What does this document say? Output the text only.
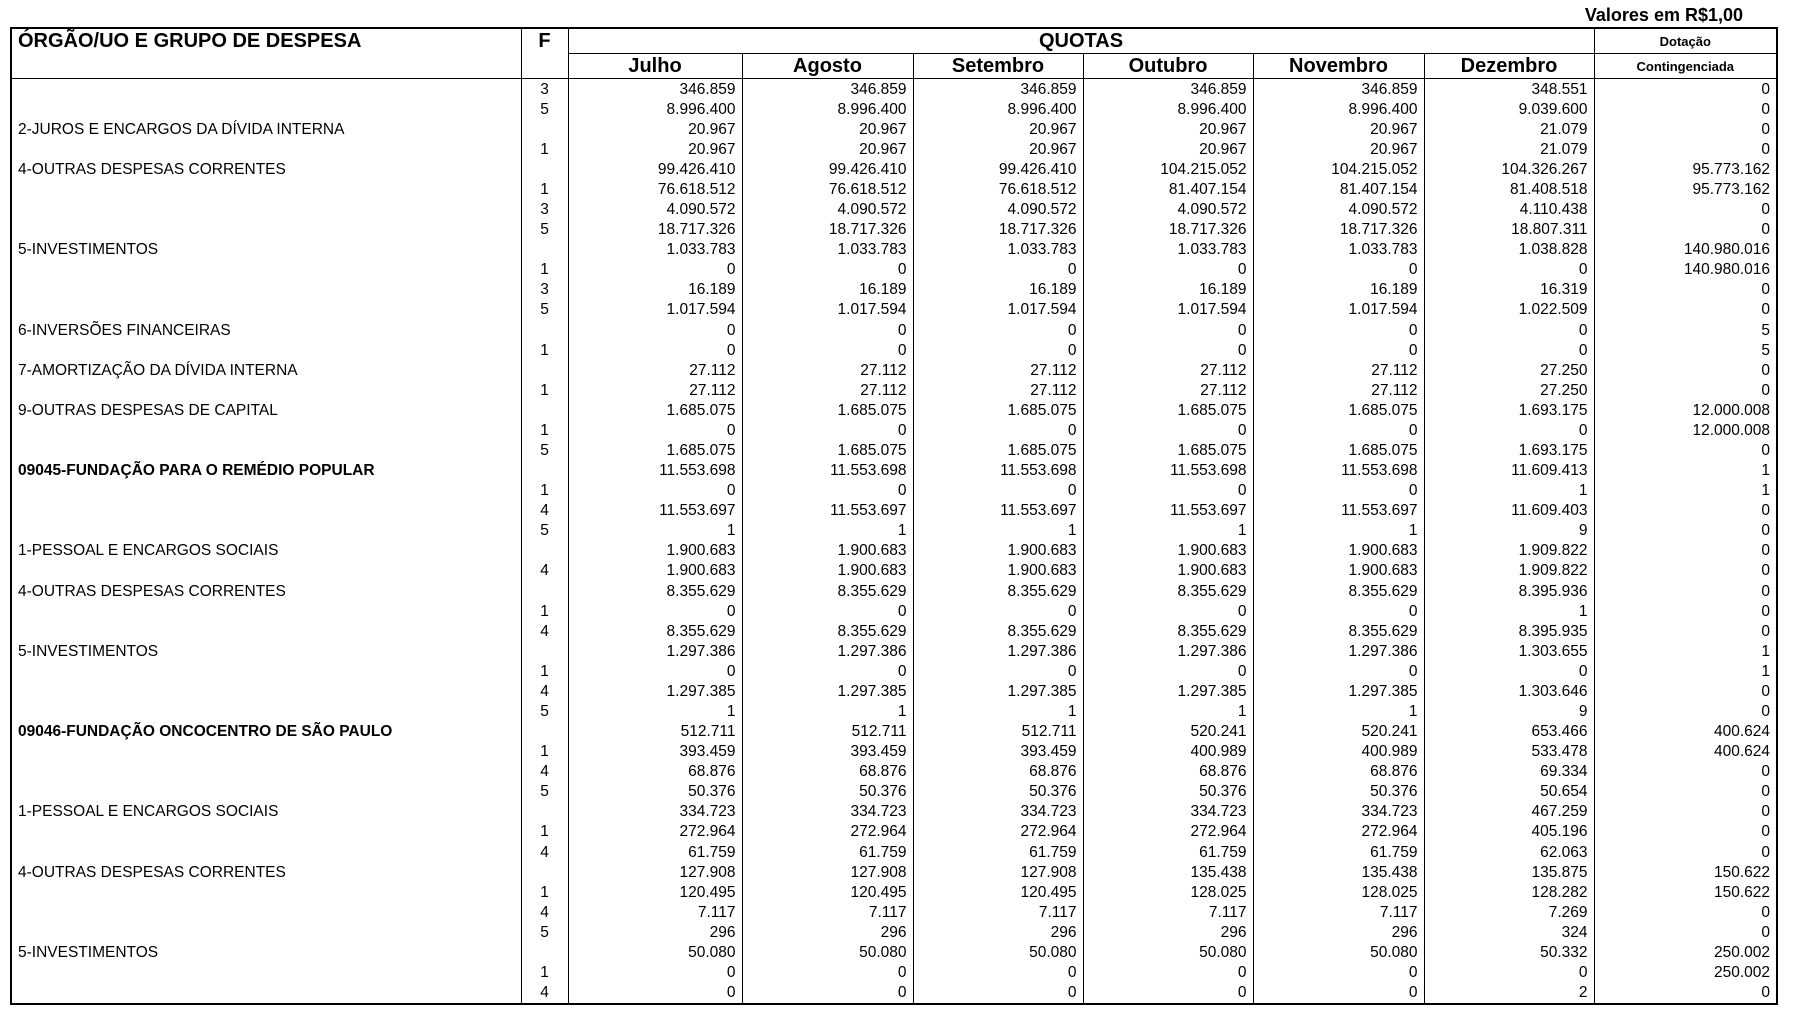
Valores em R$1,00
ÓRGÃO/UO E GRUPO DE DESPESA	F	QUOTAS						Dotação
		Julho	Agosto	Setembro	Outubro	Novembro	Dezembro	Contingenciada
	3	346.859	346.859	346.859	346.859	346.859	348.551	0
	5	8.996.400	8.996.400	8.996.400	8.996.400	8.996.400	9.039.600	0
2-JUROS E ENCARGOS DA DÍVIDA INTERNA		20.967	20.967	20.967	20.967	20.967	21.079	0
	1	20.967	20.967	20.967	20.967	20.967	21.079	0
4-OUTRAS DESPESAS CORRENTES		99.426.410	99.426.410	99.426.410	104.215.052	104.215.052	104.326.267	95.773.162
	1	76.618.512	76.618.512	76.618.512	81.407.154	81.407.154	81.408.518	95.773.162
	3	4.090.572	4.090.572	4.090.572	4.090.572	4.090.572	4.110.438	0
	5	18.717.326	18.717.326	18.717.326	18.717.326	18.717.326	18.807.311	0
5-INVESTIMENTOS		1.033.783	1.033.783	1.033.783	1.033.783	1.033.783	1.038.828	140.980.016
	1	0	0	0	0	0	0	140.980.016
	3	16.189	16.189	16.189	16.189	16.189	16.319	0
	5	1.017.594	1.017.594	1.017.594	1.017.594	1.017.594	1.022.509	0
6-INVERSÕES FINANCEIRAS		0	0	0	0	0	0	5
	1	0	0	0	0	0	0	5
7-AMORTIZAÇÃO DA DÍVIDA INTERNA		27.112	27.112	27.112	27.112	27.112	27.250	0
	1	27.112	27.112	27.112	27.112	27.112	27.250	0
9-OUTRAS DESPESAS DE CAPITAL		1.685.075	1.685.075	1.685.075	1.685.075	1.685.075	1.693.175	12.000.008
	1	0	0	0	0	0	0	12.000.008
	5	1.685.075	1.685.075	1.685.075	1.685.075	1.685.075	1.693.175	0
09045-FUNDAÇÃO PARA O REMÉDIO POPULAR		11.553.698	11.553.698	11.553.698	11.553.698	11.553.698	11.609.413	1
	1	0	0	0	0	0	1	1
	4	11.553.697	11.553.697	11.553.697	11.553.697	11.553.697	11.609.403	0
	5	1	1	1	1	1	9	0
1-PESSOAL E ENCARGOS SOCIAIS		1.900.683	1.900.683	1.900.683	1.900.683	1.900.683	1.909.822	0
	4	1.900.683	1.900.683	1.900.683	1.900.683	1.900.683	1.909.822	0
4-OUTRAS DESPESAS CORRENTES		8.355.629	8.355.629	8.355.629	8.355.629	8.355.629	8.395.936	0
	1	0	0	0	0	0	1	0
	4	8.355.629	8.355.629	8.355.629	8.355.629	8.355.629	8.395.935	0
5-INVESTIMENTOS		1.297.386	1.297.386	1.297.386	1.297.386	1.297.386	1.303.655	1
	1	0	0	0	0	0	0	1
	4	1.297.385	1.297.385	1.297.385	1.297.385	1.297.385	1.303.646	0
	5	1	1	1	1	1	9	0
09046-FUNDAÇÃO ONCOCENTRO DE SÃO PAULO		512.711	512.711	512.711	520.241	520.241	653.466	400.624
	1	393.459	393.459	393.459	400.989	400.989	533.478	400.624
	4	68.876	68.876	68.876	68.876	68.876	69.334	0
	5	50.376	50.376	50.376	50.376	50.376	50.654	0
1-PESSOAL E ENCARGOS SOCIAIS		334.723	334.723	334.723	334.723	334.723	467.259	0
	1	272.964	272.964	272.964	272.964	272.964	405.196	0
	4	61.759	61.759	61.759	61.759	61.759	62.063	0
4-OUTRAS DESPESAS CORRENTES		127.908	127.908	127.908	135.438	135.438	135.875	150.622
	1	120.495	120.495	120.495	128.025	128.025	128.282	150.622
	4	7.117	7.117	7.117	7.117	7.117	7.269	0
	5	296	296	296	296	296	324	0
5-INVESTIMENTOS		50.080	50.080	50.080	50.080	50.080	50.332	250.002
	1	0	0	0	0	0	0	250.002
	4	0	0	0	0	0	2	0
